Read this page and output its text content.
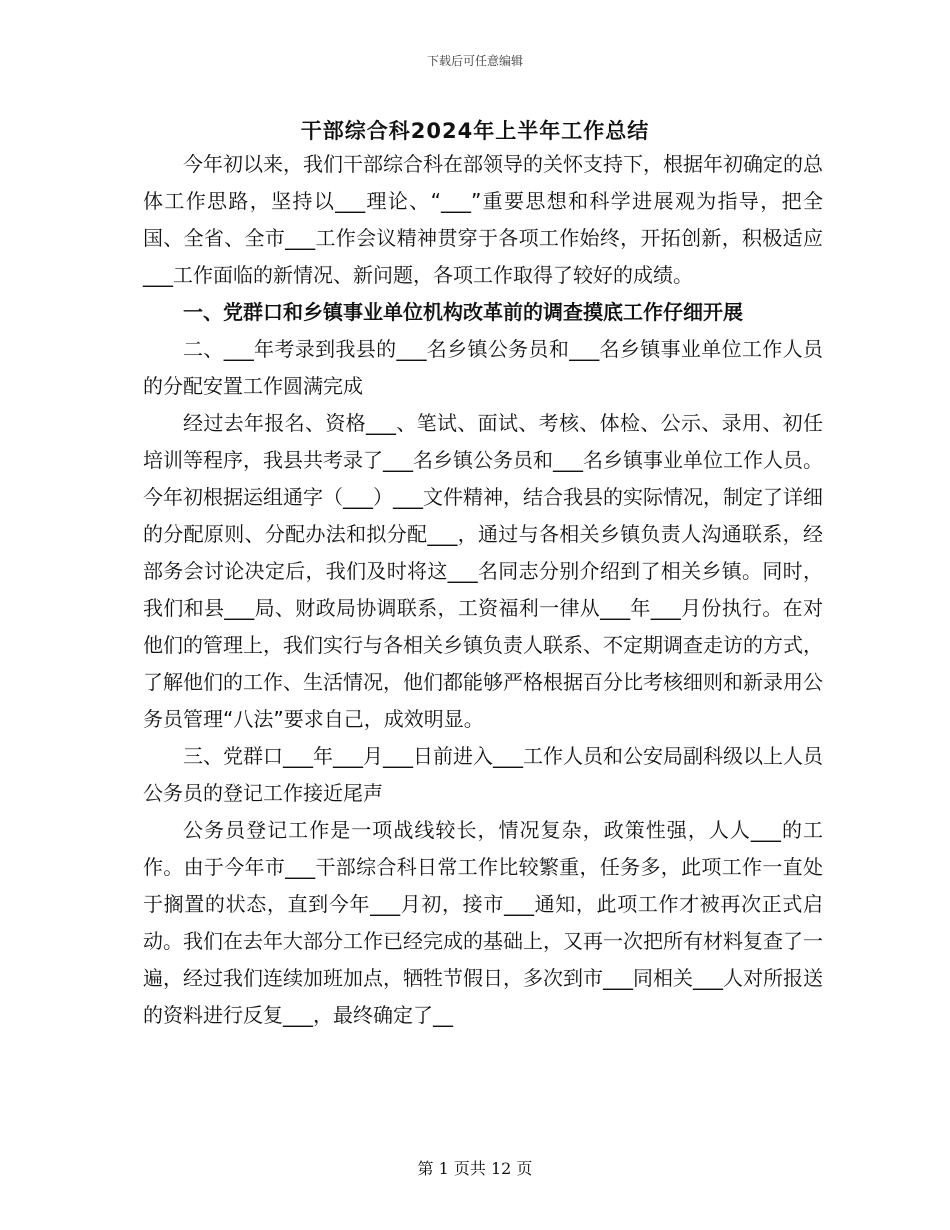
下载后可任意编辑
干部综合科2024年上半年工作总结

今年初以来，我们干部综合科在部领导的关怀支持下，根据年初确定的总体工作思路，坚持以___理论、“___”重要思想和科学进展观为指导，把全国、全省、全市___工作会议精神贯穿于各项工作始终，开拓创新，积极适应___工作面临的新情况、新问题，各项工作取得了较好的成绩。

一、党群口和乡镇事业单位机构改革前的调查摸底工作仔细开展

二、___年考录到我县的___名乡镇公务员和___名乡镇事业单位工作人员的分配安置工作圆满完成

经过去年报名、资格___、笔试、面试、考核、体检、公示、录用、初任培训等程序，我县共考录了___名乡镇公务员和___名乡镇事业单位工作人员。今年初根据运组通字（___）___文件精神，结合我县的实际情况，制定了详细的分配原则、分配办法和拟分配___，通过与各相关乡镇负责人沟通联系，经部务会讨论决定后，我们及时将这___名同志分别介绍到了相关乡镇。同时，我们和县___局、财政局协调联系，工资福利一律从___年___月份执行。在对他们的管理上，我们实行与各相关乡镇负责人联系、不定期调查走访的方式，了解他们的工作、生活情况，他们都能够严格根据百分比考核细则和新录用公务员管理“八法”要求自己，成效明显。

三、党群口___年___月___日前进入___工作人员和公安局副科级以上人员公务员的登记工作接近尾声

公务员登记工作是一项战线较长，情况复杂，政策性强，人人___的工作。由于今年市___干部综合科日常工作比较繁重，任务多，此项工作一直处于搁置的状态，直到今年___月初，接市___通知，此项工作才被再次正式启动。我们在去年大部分工作已经完成的基础上，又再一次把所有材料复查了一遍，经过我们连续加班加点，牺牲节假日，多次到市___同相关___人对所报送的资料进行反复___，最终确定了__

第 1 页共 12 页
